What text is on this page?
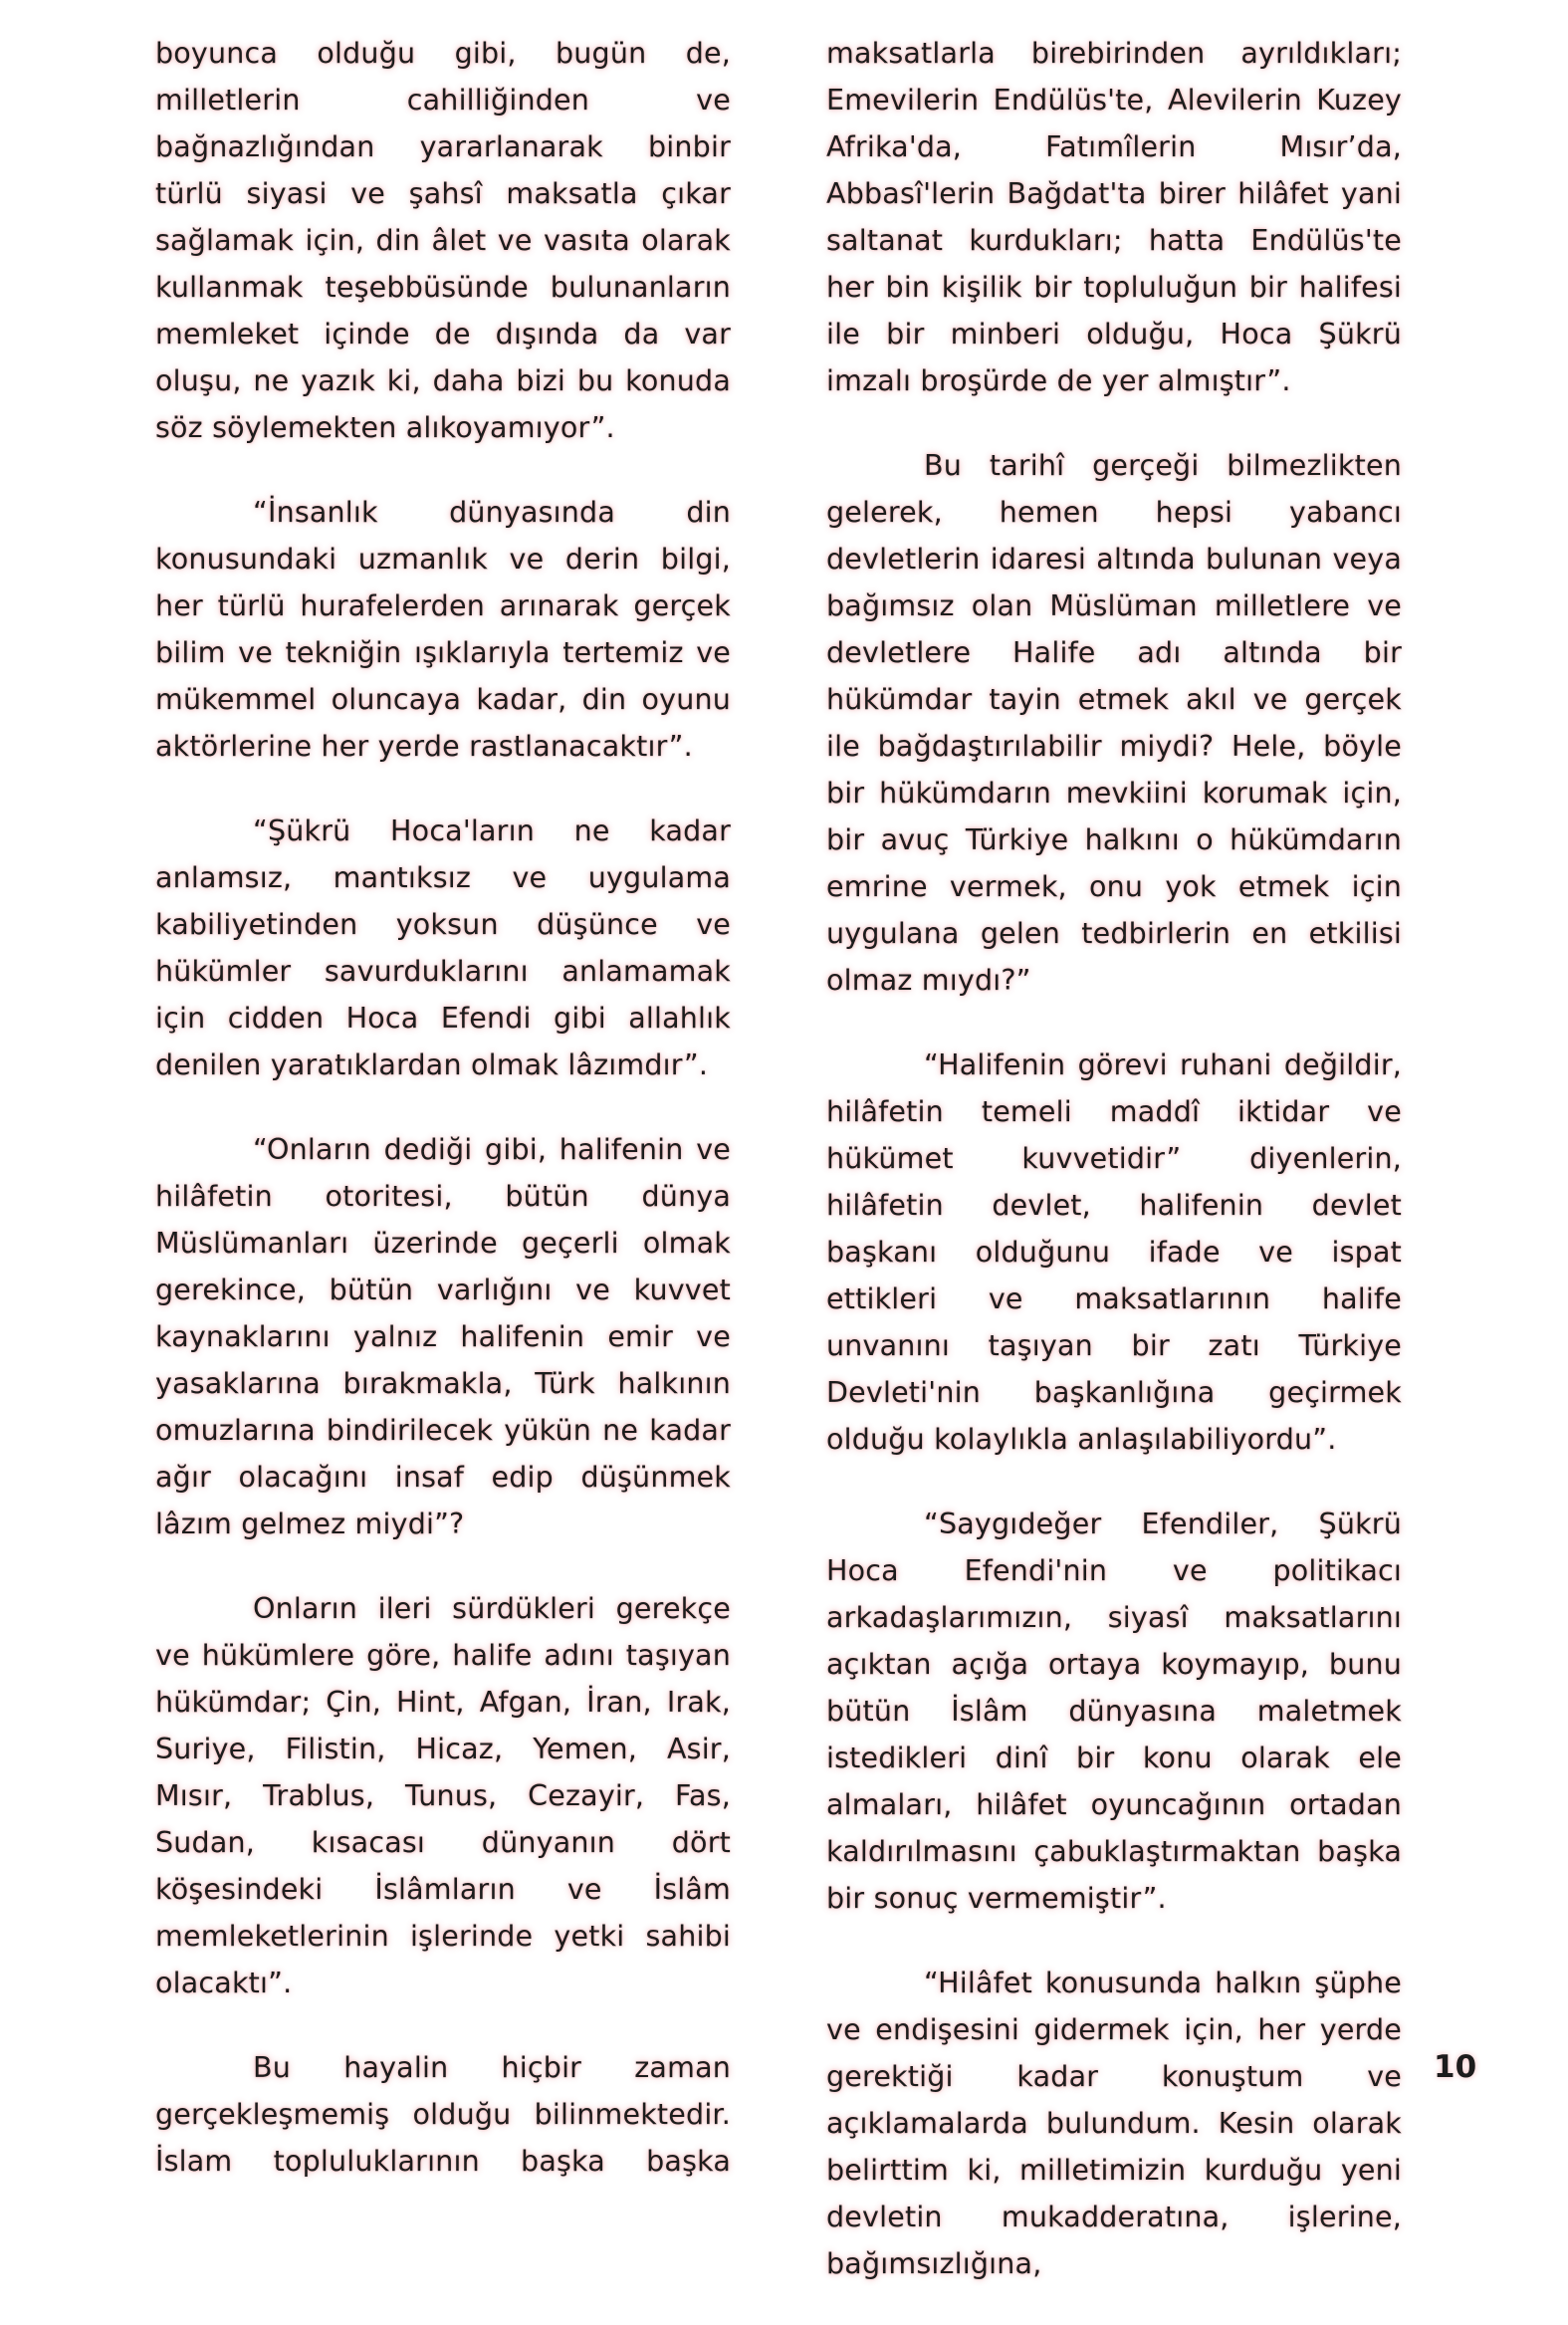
boyunca olduğu gibi, bugün de, milletlerin cahilliğinden ve bağnazlığından yararlanarak binbir türlü siyasi ve şahsî maksatla çıkar sağlamak için, din âlet ve vasıta olarak kullanmak teşebbüsünde bulunanların memleket içinde de dışında da var oluşu, ne yazık ki, daha bizi bu konuda söz söylemekten alıkoyamıyor”.

“İnsanlık dünyasında din konusundaki uzmanlık ve derin bilgi, her türlü hurafelerden arınarak gerçek bilim ve tekniğin ışıklarıyla tertemiz ve mükemmel oluncaya kadar, din oyunu aktörlerine her yerde rastlanacaktır”.

“Şükrü Hoca'ların ne kadar anlamsız, mantıksız ve uygulama kabiliyetinden yoksun düşünce ve hükümler savurduklarını anlamamak için cidden Hoca Efendi gibi allahlık denilen yaratıklardan olmak lâzımdır”.

“Onların dediği gibi, halifenin ve hilâfetin otoritesi, bütün dünya Müslümanları üzerinde geçerli olmak gerekince, bütün varlığını ve kuvvet kaynaklarını yalnız halifenin emir ve yasaklarına bırakmakla, Türk halkının omuzlarına bindirilecek yükün ne kadar ağır olacağını insaf edip düşünmek lâzım gelmez miydi”?

Onların ileri sürdükleri gerekçe ve hükümlere göre, halife adını taşıyan hükümdar; Çin, Hint, Afgan, İran, Irak, Suriye, Filistin, Hicaz, Yemen, Asir, Mısır, Trablus, Tunus, Cezayir, Fas, Sudan, kısacası dünyanın dört köşesindeki İslâmların ve İslâm memleketlerinin işlerinde yetki sahibi olacaktı”.

Bu hayalin hiçbir zaman gerçekleşmemiş olduğu bilinmektedir. İslam topluluklarının başka başka

maksatlarla birebirinden ayrıldıkları; Emevilerin Endülüs'te, Alevilerin Kuzey Afrika'da, Fatımîlerin Mısır’da, Abbasî'lerin Bağdat'ta birer hilâfet yani saltanat kurdukları; hatta Endülüs'te her bin kişilik bir topluluğun bir halifesi ile bir minberi olduğu, Hoca Şükrü imzalı broşürde de yer almıştır”.

Bu tarihî gerçeği bilmezlikten gelerek, hemen hepsi yabancı devletlerin idaresi altında bulunan veya bağımsız olan Müslüman milletlere ve devletlere Halife adı altında bir hükümdar tayin etmek akıl ve gerçek ile bağdaştırılabilir miydi? Hele, böyle bir hükümdarın mevkiini korumak için, bir avuç Türkiye halkını o hükümdarın emrine vermek, onu yok etmek için uygulana gelen tedbirlerin en etkilisi olmaz mıydı?”

“Halifenin görevi ruhani değildir, hilâfetin temeli maddî iktidar ve hükümet kuvvetidir” diyenlerin, hilâfetin devlet, halifenin devlet başkanı olduğunu ifade ve ispat ettikleri ve maksatlarının halife unvanını taşıyan bir zatı Türkiye Devleti'nin başkanlığına geçirmek olduğu kolaylıkla anlaşılabiliyordu”.

“Saygıdeğer Efendiler, Şükrü Hoca Efendi'nin ve politikacı arkadaşlarımızın, siyasî maksatlarını açıktan açığa ortaya koymayıp, bunu bütün İslâm dünyasına maletmek istedikleri dinî bir konu olarak ele almaları, hilâfet oyuncağının ortadan kaldırılmasını çabuklaştırmaktan başka bir sonuç vermemiştir”.

“Hilâfet konusunda halkın şüphe ve endişesini gidermek için, her yerde gerektiği kadar konuştum ve açıklamalarda bulundum. Kesin olarak belirttim ki, milletimizin kurduğu yeni devletin mukadderatına, işlerine, bağımsızlığına,

10
